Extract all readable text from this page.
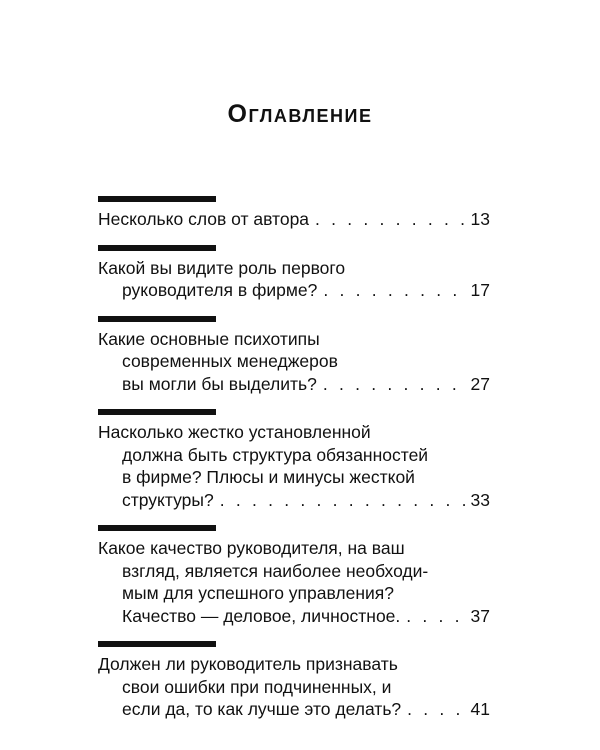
Оглавление
Несколько слов от автора . . .	13
Какой вы видите роль первого
руководителя в фирме? . . .	17
Какие основные психотипы
современных менеджеров
вы могли бы выделить? . . .	27
Насколько жестко установленной
должна быть структура обязанностей
в фирме? Плюсы и минусы жесткой
структуры? . . .	33
Какое качество руководителя, на ваш
взгляд, является наиболее необходи-
мым для успешного управления?
Качество — деловое, личностное. . . .	37
Должен ли руководитель признавать
свои ошибки при подчиненных, и
если да, то как лучше это делать? . . .	41
